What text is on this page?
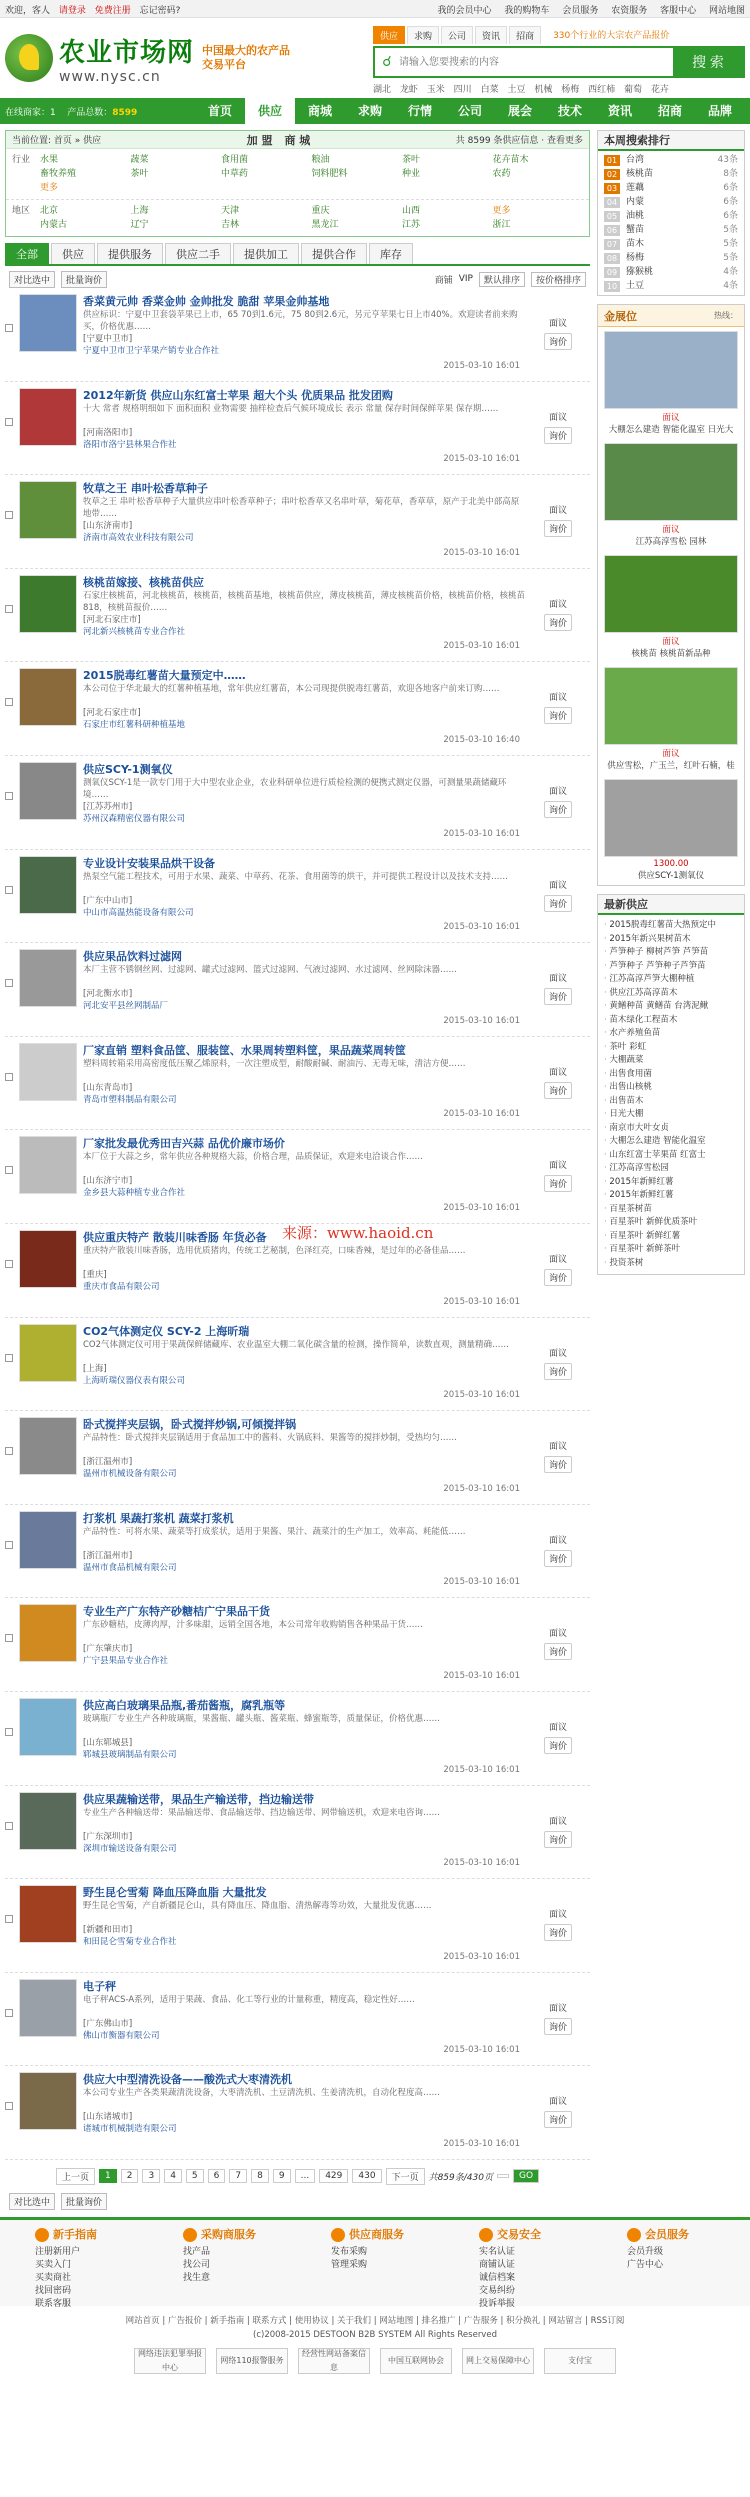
欢迎，客人 请登录 免费注册 忘记密码?	我的会员中心 我的购物车 会员服务 农资服务 客服中心 网站地图
农业市场网
www.nysc.cn
中国最大的农产品
交易平台
供应	求购	公司	资讯	招商	330个行业的大宗农产品报价
☌
请输入您要搜索的内容	搜 索
湖北 龙虾 玉米 四川 白菜 土豆 机械 杨梅 西红柿 葡萄 花卉
在线商家：1 产品总数：8599	首页	供应	商城	求购	行情	公司	展会	技术	资讯	招商	品牌
当前位置: 首页 » 供应	加 盟 商 城	共 8599 条供应信息 · 查看更多
行业	水果	蔬菜	食用菌	粮油	茶叶	花卉苗木
畜牧养殖	茶叶	中草药	饲料肥料	种业	农药
更多
地区	北京	上海	天津	重庆	山西	更多
内蒙古	辽宁	吉林	黑龙江	江苏	浙江
全部	供应	提供服务	供应二手	提供加工	提供合作	库存
对比选中	批量询价	商铺 VIP	默认排序	按价格排序
香菜黄元帅 香菜金帅 金帅批发 脆甜 苹果金帅基地
供应标识：宁夏中卫套袋苹果已上市，65 70到1.6元，75 80到2.6元，另元亨苹果七日上市40%。欢迎读者前来购买，价格优惠……
[宁夏中卫市]
宁夏中卫市卫宁苹果产销专业合作社
2015-03-10 16:01
面议
询价
2012年新货 供应山东红富士苹果 超大个头 优质果品 批发团购
十大 常者 规格明细如下 面积面积 业物需要 抽样检查后气候环境成长 表示 常量 保存时间保鲜苹果 保存期……
[河南洛阳市]
洛阳市洛宁县林果合作社
2015-03-10 16:01
面议
询价
牧草之王 串叶松香草种子
牧草之王 串叶松香草种子大量供应串叶松香草种子；串叶松香草又名串叶草，菊花草，香草草，原产于北美中部高原地带……
[山东济南市]
济南市高效农业科技有限公司
2015-03-10 16:01
面议
询价
核桃苗嫁接、核桃苗供应
石家庄核桃苗，河北核桃苗，核桃苗，核桃苗基地，核桃苗供应，薄皮核桃苗，薄皮核桃苗价格，核桃苗价格，核桃苗818，核桃苗报价……
[河北石家庄市]
河北新兴核桃苗专业合作社
2015-03-10 16:01
面议
询价
2015脱毒红薯苗大量预定中……
本公司位于华北最大的红薯种植基地，常年供应红薯苗，本公司现提供脱毒红薯苗，欢迎各地客户前来订购……
[河北石家庄市]
石家庄市红薯科研种植基地
2015-03-10 16:40
面议
询价
供应SCY-1测氧仪
测氧仪SCY-1是一款专门用于大中型农业企业，农业科研单位进行质检检测的便携式测定仪器，可测量果蔬储藏环境……
[江苏苏州市]
苏州汉森精密仪器有限公司
2015-03-10 16:01
面议
询价
专业设计安装果品烘干设备
热泵空气能工程技术，可用于水果、蔬菜、中草药、花茶、食用菌等的烘干，并可提供工程设计以及技术支持……
[广东中山市]
中山市高温热能设备有限公司
2015-03-10 16:01
面议
询价
供应果品饮料过滤网
本厂主营不锈钢丝网、过滤网、罐式过滤网、篮式过滤网、气液过滤网、水过滤网、丝网除沫器……
[河北衡水市]
河北安平县丝网制品厂
2015-03-10 16:01
面议
询价
厂家直销 塑料食品筐、服装筐、水果周转塑料筐，果品蔬菜周转筐
塑料周转箱采用高密度低压聚乙烯原料，一次注塑成型，耐酸耐碱、耐油污、无毒无味，清洁方便……
[山东青岛市]
青岛市塑料制品有限公司
2015-03-10 16:01
面议
询价
厂家批发最优秀田吉兴蒜 品优价廉市场价
本厂位于大蒜之乡，常年供应各种规格大蒜，价格合理，品质保证，欢迎来电洽谈合作……
[山东济宁市]
金乡县大蒜种植专业合作社
2015-03-10 16:01
面议
询价
供应重庆特产 散装川味香肠 年货必备
重庆特产散装川味香肠，选用优质猪肉，传统工艺秘制，色泽红亮，口味香辣，是过年的必备佳品……
[重庆]
重庆市食品有限公司
2015-03-10 16:01
面议
询价
CO2气体测定仪 SCY-2 上海昕瑞
CO2气体测定仪可用于果蔬保鲜储藏库、农业温室大棚二氧化碳含量的检测，操作简单，读数直观，测量精确……
[上海]
上海昕瑞仪器仪表有限公司
2015-03-10 16:01
面议
询价
卧式搅拌夹层锅，卧式搅拌炒锅,可倾搅拌锅
产品特性：卧式搅拌夹层锅适用于食品加工中的酱料、火锅底料、果酱等的搅拌炒制，受热均匀……
[浙江温州市]
温州市机械设备有限公司
2015-03-10 16:01
面议
询价
打浆机 果蔬打浆机 蔬菜打浆机
产品特性：可将水果、蔬菜等打成浆状，适用于果酱、果汁、蔬菜汁的生产加工，效率高、耗能低……
[浙江温州市]
温州市食品机械有限公司
2015-03-10 16:01
面议
询价
专业生产广东特产砂糖桔广宁果品干货
广东砂糖桔，皮薄肉厚，汁多味甜，远销全国各地，本公司常年收购销售各种果品干货……
[广东肇庆市]
广宁县果品专业合作社
2015-03-10 16:01
面议
询价
供应高白玻璃果品瓶,番茄酱瓶，腐乳瓶等
玻璃瓶厂专业生产各种玻璃瓶，果酱瓶、罐头瓶、酱菜瓶、蜂蜜瓶等，质量保证，价格优惠……
[山东郓城县]
郓城县玻璃制品有限公司
2015-03-10 16:01
面议
询价
供应果蔬输送带，果品生产输送带，挡边输送带
专业生产各种输送带：果品输送带、食品输送带、挡边输送带、网带输送机，欢迎来电咨询……
[广东深圳市]
深圳市输送设备有限公司
2015-03-10 16:01
面议
询价
野生昆仑雪菊 降血压降血脂 大量批发
野生昆仑雪菊，产自新疆昆仑山，具有降血压、降血脂、清热解毒等功效，大量批发优惠……
[新疆和田市]
和田昆仑雪菊专业合作社
2015-03-10 16:01
面议
询价
电子秤
电子秤ACS-A系列，适用于果蔬、食品、化工等行业的计量称重，精度高，稳定性好……
[广东佛山市]
佛山市衡器有限公司
2015-03-10 16:01
面议
询价
供应大中型清洗设备——酸洗式大枣清洗机
本公司专业生产各类果蔬清洗设备，大枣清洗机、土豆清洗机、生姜清洗机，自动化程度高……
[山东诸城市]
诸城市机械制造有限公司
2015-03-10 16:01
面议
询价
上一页	1	2	3	4	5	6	7	8	9	...	429	430	下一页	共859条/430页	GO
对比选中	批量询价
本周搜索排行
01 台湾	43条
02 核桃苗	8条
03 莲藕	6条
04 内蒙	6条
05 油桃	6条
06 蟹苗	5条
07 苗木	5条
08 杨梅	5条
09 猕猴桃	4条
10 土豆	4条
金展位	热线：
面议
大棚怎么建造 智能化温室 日光大
面议
江苏高淳雪松 园林
面议
核桃苗 核桃苗新品种
面议
供应雪松，广玉兰，红叶石楠，桂
1300.00
供应SCY-1测氧仪
最新供应
· 2015脱毒红薯苗大热预定中
· 2015年新兴果树苗木
· 芦笋种子 柳树芦笋 芦笋苗
· 芦笋种子 芦笋种子芦笋苗
· 江苏高淳芦笋大棚种植
· 供应江苏高淳苗木
· 黄鳝种苗 黄鳝苗 台湾泥鳅
· 苗木绿化工程苗木
· 水产养殖鱼苗
· 茶叶 彩虹
· 大棚蔬菜
· 出售食用菌
· 出售山核桃
· 出售苗木
· 日光大棚
· 南京市大叶女贞
· 大棚怎么建造 智能化温室
· 山东红富士苹果苗 红富士
· 江苏高淳雪松园
· 2015年新鲜红薯
· 2015年新鲜红薯
· 百星茶树苗
· 百星茶叶 新鲜优质茶叶
· 百星茶叶 新鲜红薯
· 百星茶叶 新鲜茶叶
· 投资茶树
来源：www.haoid.cn
新手指南
注册新用户
买卖入门
买卖商社
找回密码
联系客服
采购商服务
找产品
找公司
找生意
供应商服务
发布采购
管理采购
交易安全
实名认证
商铺认证
诚信档案
交易纠纷
投诉举报
会员服务
会员升级
广告中心
网站首页 | 广告报价 | 新手指南 | 联系方式 | 使用协议 | 关于我们 | 网站地图 | 排名推广 | 广告服务 | 积分换礼 | 网站留言 | RSS订阅
(c)2008-2015 DESTOON B2B SYSTEM All Rights Reserved
网络违法犯罪举报中心
网络110报警服务
经营性网站备案信息
中国互联网协会	网上交易保障中心	支付宝
